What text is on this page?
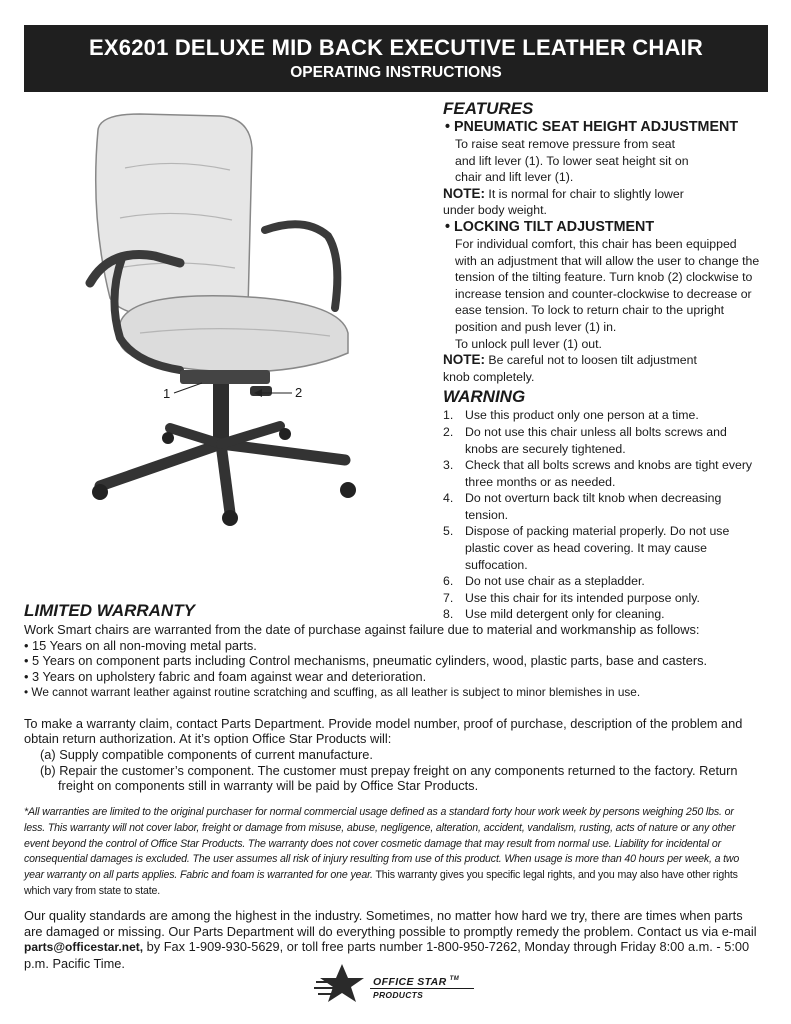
EX6201 DELUXE MID BACK EXECUTIVE LEATHER CHAIR
OPERATING INSTRUCTIONS
1	2
FEATURES
• PNEUMATIC SEAT HEIGHT ADJUSTMENT
To raise seat remove pressure from seat
and lift lever (1). To lower seat height sit on
chair and lift lever (1).
NOTE: It is normal for chair to slightly lower
under body weight.
• LOCKING TILT ADJUSTMENT
For individual comfort, this chair has been equipped
with an adjustment that will allow the user to change the
tension of the tilting feature. Turn knob (2) clockwise to
increase tension and counter-clockwise to decrease or
ease tension. To lock to return chair to the upright
position and push lever (1) in.
To unlock pull lever (1) out.
NOTE: Be careful not to loosen tilt adjustment
knob completely.
WARNING
1. Use this product only one person at a time.
2. Do not use this chair unless all bolts screws and
knobs are securely tightened.
3. Check that all bolts screws and knobs are tight every
three months or as needed.
4. Do not overturn back tilt knob when decreasing
tension.
5. Dispose of packing material properly. Do not use
plastic cover as head covering. It may cause
suffocation.
6. Do not use chair as a stepladder.
7. Use this chair for its intended purpose only.
8. Use mild detergent only for cleaning.
LIMITED WARRANTY

Work Smart chairs are warranted from the date of purchase against failure due to material and workmanship as follows:

• 15 Years on all non-moving metal parts.

• 5 Years on component parts including Control mechanisms, pneumatic cylinders, wood, plastic parts, base and casters.

• 3 Years on upholstery fabric and foam against wear and deterioration.

• We cannot warrant leather against routine scratching and scuffing, as all leather is subject to minor blemishes in use.

To make a warranty claim, contact Parts Department. Provide model number, proof of purchase, description of the problem and

obtain return authorization. At it’s option Office Star Products will:

(a) Supply compatible components of current manufacture.

(b) Repair the customer’s component. The customer must prepay freight on any components returned to the factory. Return

freight on components still in warranty will be paid by Office Star Products.

*All warranties are limited to the original purchaser for normal commercial usage defined as a standard forty hour work week by persons weighing 250 lbs. or

less. This warranty will not cover labor, freight or damage from misuse, abuse, negligence, alteration, accident, vandalism, rusting, acts of nature or any other

event beyond the control of Office Star Products. The warranty does not cover cosmetic damage that may result from normal use. Liability for incidental or

consequential damages is excluded. The user assumes all risk of injury resulting from use of this product. When usage is more than 40 hours per week, a two

year warranty on all parts applies. Fabric and foam is warranted for one year. This warranty gives you specific legal rights, and you may also have other rights

which vary from state to state.

Our quality standards are among the highest in the industry. Sometimes, no matter how hard we try, there are times when parts

are damaged or missing. Our Parts Department will do everything possible to promptly remedy the problem. Contact us via e-mail

parts@officestar.net, by Fax 1-909-930-5629, or toll free parts number 1-800-950-7262, Monday through Friday 8:00 a.m. - 5:00

p.m. Pacific Time.

OFFICE STAR ™
PRODUCTS
